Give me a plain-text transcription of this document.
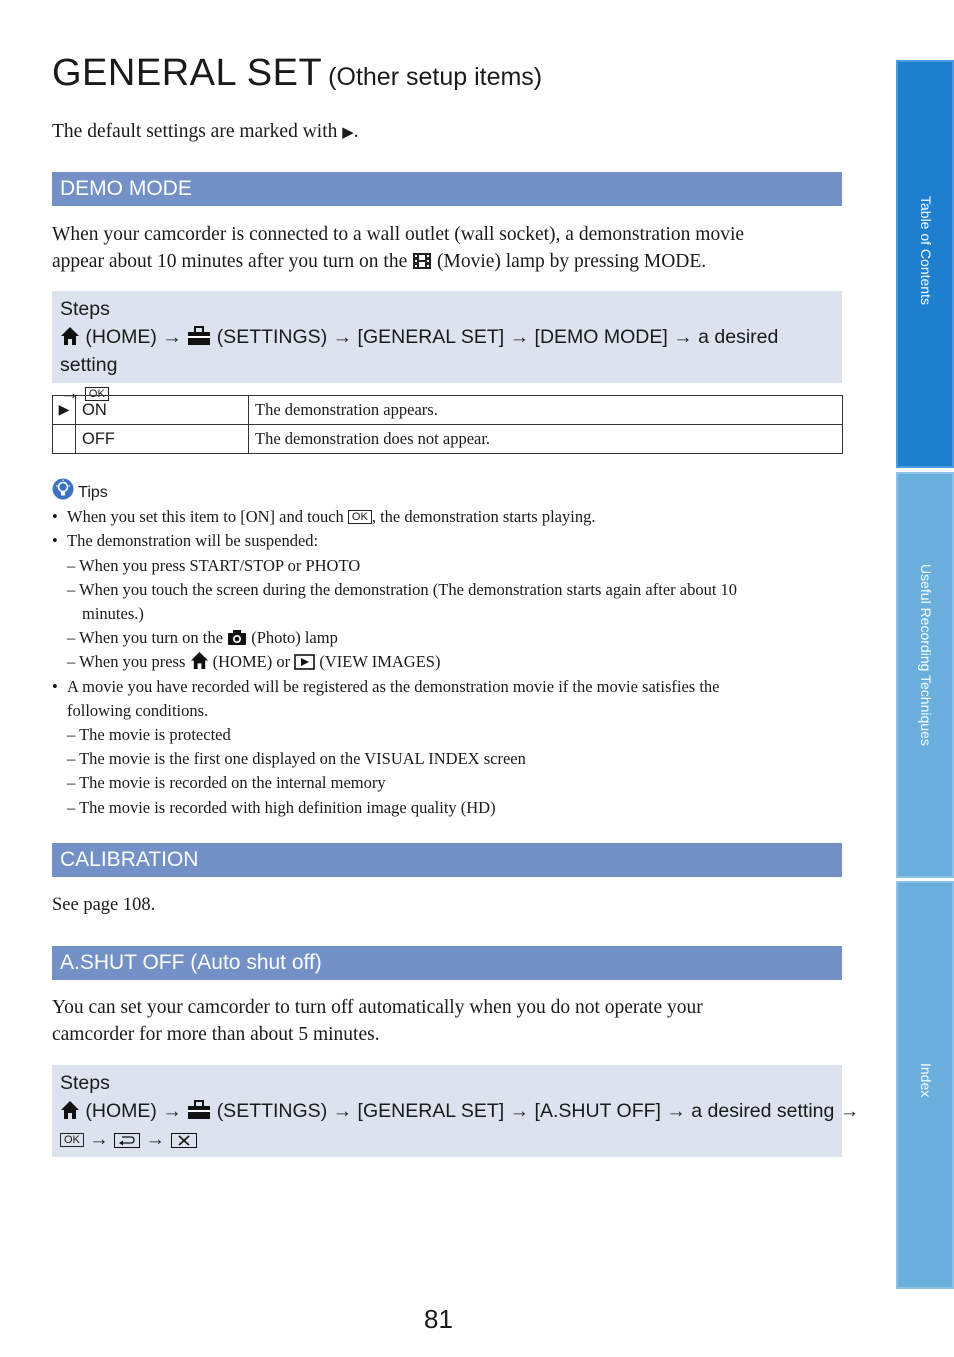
GENERAL SET (Other setup items)
The default settings are marked with ▶.
DEMO MODE
When your camcorder is connected to a wall outlet (wall socket), a demonstration movie
appear about 10 minutes after you turn on the (Movie) lamp by pressing MODE.
Steps
(HOME) → (SETTINGS) → [GENERAL SET] → [DEMO MODE] → a desired setting
→ OK
▶	ON	The demonstration appears.
	OFF	The demonstration does not appear.
Tips
• When you set this item to [ON] and touch OK , the demonstration starts playing.
• The demonstration will be suspended:
– When you press START/STOP or PHOTO
– When you touch the screen during the demonstration (The demonstration starts again after about 10
minutes.)
– When you turn on the (Photo) lamp
– When you press (HOME) or (VIEW IMAGES)
• A movie you have recorded will be registered as the demonstration movie if the movie satisfies the
following conditions.
– The movie is protected
– The movie is the first one displayed on the VISUAL INDEX screen
– The movie is recorded on the internal memory
– The movie is recorded with high definition image quality (HD)
CALIBRATION
See page 108.
A.SHUT OFF (Auto shut off)
You can set your camcorder to turn off automatically when you do not operate your
camcorder for more than about 5 minutes.
Steps
(HOME) → (SETTINGS) → [GENERAL SET] → [A.SHUT OFF] → a desired setting →
OK → →
81
Table of Contents
Useful Recording Techniques
Index
